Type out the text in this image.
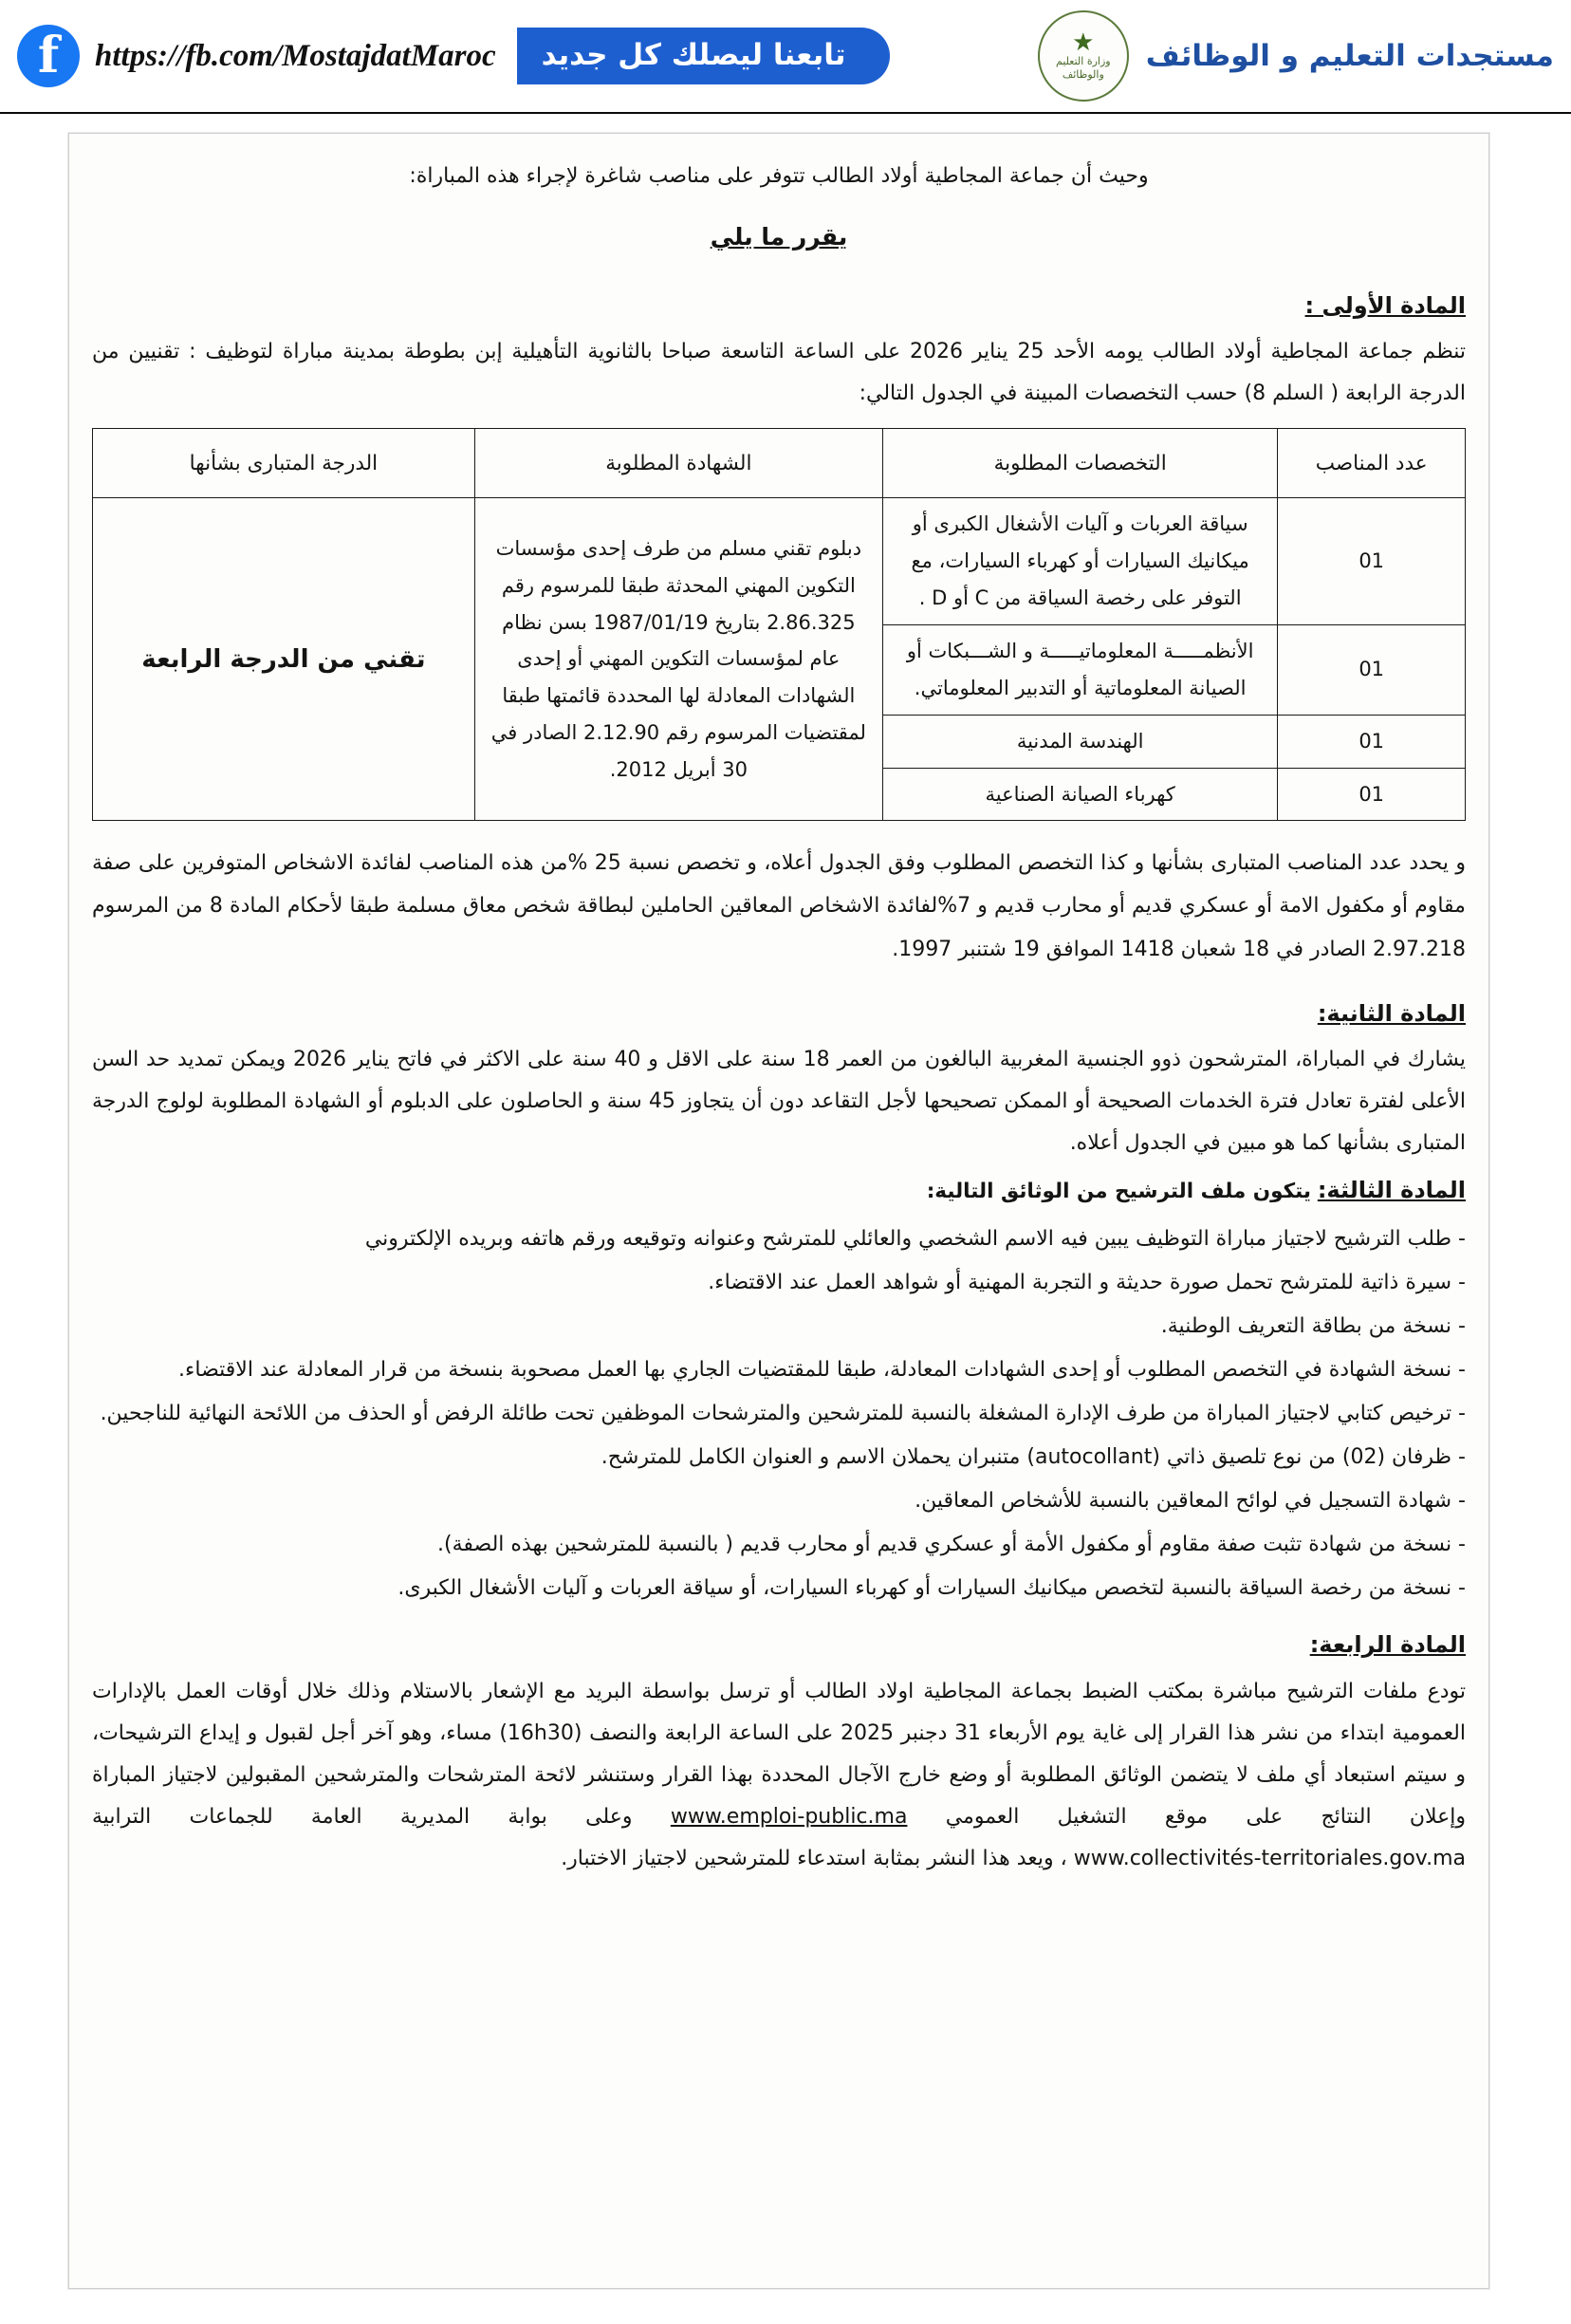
f	https://fb.com/MostajdatMaroc	تابعنا ليصلك كل جديد	مستجدات التعليم و الوظائف
★
وزارة التعليم
والوظائف
وحيث أن جماعة المجاطية أولاد الطالب تتوفر على مناصب شاغرة لإجراء هذه المباراة:
يقرر ما يلي
المادة الأولى :

تنظم جماعة المجاطية أولاد الطالب يومه الأحد 25 يناير 2026 على الساعة التاسعة صباحا بالثانوية التأهيلية إبن بطوطة بمدينة مباراة لتوظيف : تقنيين من الدرجة الرابعة ( السلم 8) حسب التخصصات المبينة في الجدول التالي:

عدد المناصب	التخصصات المطلوبة	الشهادة المطلوبة	الدرجة المتبارى بشأنها
01	سياقة العربات و آليات الأشغال الكبرى أو ميكانيك السيارات أو كهرباء السيارات، مع التوفر على رخصة السياقة من C أو D .	دبلوم تقني مسلم من طرف إحدى مؤسسات التكوين المهني المحدثة طبقا للمرسوم رقم 2.86.325 بتاريخ 1987/01/19 بسن نظام عام لمؤسسات التكوين المهني أو إحدى الشهادات المعادلة لها المحددة قائمتها طبقا لمقتضيات المرسوم رقم 2.12.90 الصادر في 30 أبريل 2012.	تقني من الدرجة الرابعة
01	الأنظمـــــة المعلوماتيـــــة و الشـــبكات أو الصيانة المعلوماتية أو التدبير المعلوماتي.		
01	الهندسة المدنية		
01	كهرباء الصيانة الصناعية		

و يحدد عدد المناصب المتبارى بشأنها و كذا التخصص المطلوب وفق الجدول أعلاه، و تخصص نسبة 25 %من هذه المناصب لفائدة الاشخاص المتوفرين على صفة مقاوم أو مكفول الامة أو عسكري قديم أو محارب قديم و 7%لفائدة الاشخاص المعاقين الحاملين لبطاقة شخص معاق مسلمة طبقا لأحكام المادة 8 من المرسوم 2.97.218 الصادر في 18 شعبان 1418 الموافق 19 شتنبر 1997.

المادة الثانية:

يشارك في المباراة، المترشحون ذوو الجنسية المغربية البالغون من العمر 18 سنة على الاقل و 40 سنة على الاكثر في فاتح يناير 2026 ويمكن تمديد حد السن الأعلى لفترة تعادل فترة الخدمات الصحيحة أو الممكن تصحيحها لأجل التقاعد دون أن يتجاوز 45 سنة و الحاصلون على الدبلوم أو الشهادة المطلوبة لولوج الدرجة المتبارى بشأنها كما هو مبين في الجدول أعلاه.

المادة الثالثة: يتكون ملف الترشيح من الوثائق التالية:
- طلب الترشيح لاجتياز مباراة التوظيف يبين فيه الاسم الشخصي والعائلي للمترشح وعنوانه وتوقيعه ورقم هاتفه وبريده الإلكتروني
- سيرة ذاتية للمترشح تحمل صورة حديثة و التجربة المهنية أو شواهد العمل عند الاقتضاء.
- نسخة من بطاقة التعريف الوطنية.
- نسخة الشهادة في التخصص المطلوب أو إحدى الشهادات المعادلة، طبقا للمقتضيات الجاري بها العمل مصحوبة بنسخة من قرار المعادلة عند الاقتضاء.
- ترخيص كتابي لاجتياز المباراة من طرف الإدارة المشغلة بالنسبة للمترشحين والمترشحات الموظفين تحت طائلة الرفض أو الحذف من اللائحة النهائية للناجحين.
- ظرفان (02) من نوع تلصيق ذاتي (autocollant) متنبران يحملان الاسم و العنوان الكامل للمترشح.
- شهادة التسجيل في لوائح المعاقين بالنسبة للأشخاص المعاقين.
- نسخة من شهادة تثبت صفة مقاوم أو مكفول الأمة أو عسكري قديم أو محارب قديم ( بالنسبة للمترشحين بهذه الصفة).
- نسخة من رخصة السياقة بالنسبة لتخصص ميكانيك السيارات أو كهرباء السيارات، أو سياقة العربات و آليات الأشغال الكبرى.
المادة الرابعة:

تودع ملفات الترشيح مباشرة بمكتب الضبط بجماعة المجاطية اولاد الطالب أو ترسل بواسطة البريد مع الإشعار بالاستلام وذلك خلال أوقات العمل بالإدارات العمومية ابتداء من نشر هذا القرار إلى غاية يوم الأربعاء 31 دجنبر 2025 على الساعة الرابعة والنصف (16h30) مساء، وهو آخر أجل لقبول و إيداع الترشيحات، و سيتم استبعاد أي ملف لا يتضمن الوثائق المطلوبة أو وضع خارج الآجال المحددة بهذا القرار وستنشر لائحة المترشحات والمترشحين المقبولين لاجتياز المباراة وإعلان النتائج على موقع التشغيل العمومي www.emploi-public.ma وعلى بوابة المديرية العامة للجماعات الترابية www.collectivités-territoriales.gov.ma ، ويعد هذا النشر بمثابة استدعاء للمترشحين لاجتياز الاختبار.
